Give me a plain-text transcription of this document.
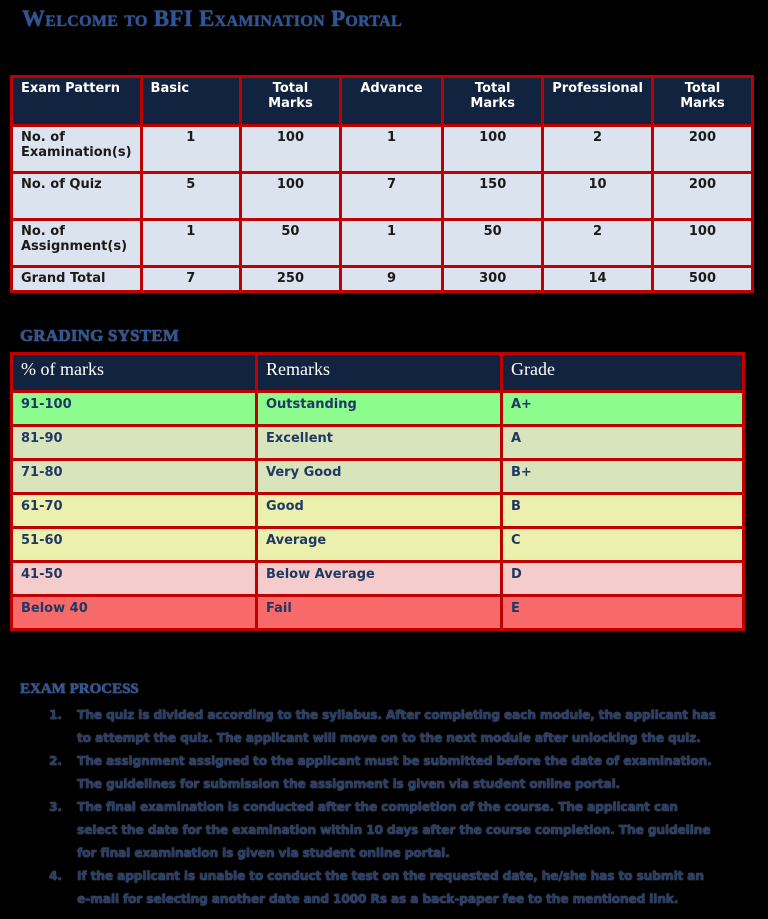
Welcome to BFI Examination Portal
Exam Pattern	Basic	Total Marks	Advance	Total Marks	Professional	Total Marks
No. of Examination(s)	1	100	1	100	2	200
No. of Quiz	5	100	7	150	10	200
No. of Assignment(s)	1	50	1	50	2	100
Grand Total	7	250	9	300	14	500
GRADING SYSTEM
% of marks	Remarks	Grade
91-100	Outstanding	A+
81-90	Excellent	A
71-80	Very Good	B+
61-70	Good	B
51-60	Average	C
41-50	Below Average	D
Below 40	Fail	E
EXAM PROCESS
1. The quiz is divided according to the syllabus. After completing each module, the applicant has
to attempt the quiz. The applicant will move on to the next module after unlocking the quiz.
2. The assignment assigned to the applicant must be submitted before the date of examination.
The guidelines for submission the assignment is given via student online portal.
3. The final examination is conducted after the completion of the course. The applicant can
select the date for the examination within 10 days after the course completion. The guideline
for final examination is given via student online portal.
4. If the applicant is unable to conduct the test on the requested date, he/she has to submit an
e-mail for selecting another date and 1000 Rs as a back-paper fee to the mentioned link.
